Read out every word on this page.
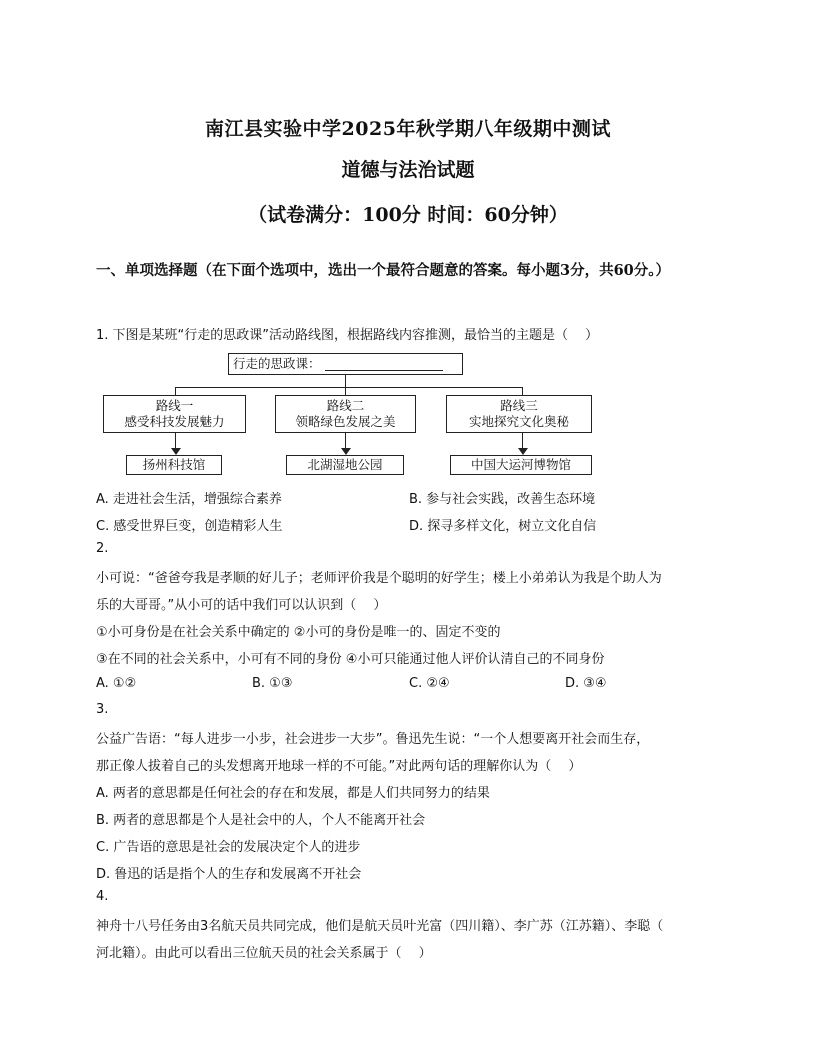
南江县实验中学2025年秋学期八年级期中测试
道德与法治试题
（试卷满分：100分 时间：60分钟）
一、单项选择题（在下面个选项中，选出一个最符合题意的答案。每小题3分，共60分。）
1. 下图是某班“行走的思政课”活动路线图，根据路线内容推测，最恰当的主题是（　 ）
行走的思政课：
路线一
感受科技发展魅力
路线二
领略绿色发展之美
路线三
实地探究文化奥秘
扬州科技馆	北湖湿地公园	中国大运河博物馆
A. 走进社会生活，增强综合素养	B. 参与社会实践，改善生态环境
C. 感受世界巨变，创造精彩人生	D. 探寻多样文化，树立文化自信
2.
小可说：“爸爸夸我是孝顺的好儿子；老师评价我是个聪明的好学生；楼上小弟弟认为我是个助人为
乐的大哥哥。”从小可的话中我们可以认识到（　 ）
①小可身份是在社会关系中确定的 ②小可的身份是唯一的、固定不变的
③在不同的社会关系中，小可有不同的身份 ④小可只能通过他人评价认清自己的不同身份
A. ①②	B. ①③	C. ②④	D. ③④
3.
公益广告语：“每人进步一小步，社会进步一大步”。鲁迅先生说：“一个人想要离开社会而生存，
那正像人拔着自己的头发想离开地球一样的不可能。”对此两句话的理解你认为（　 ）
A. 两者的意思都是任何社会的存在和发展，都是人们共同努力的结果
B. 两者的意思都是个人是社会中的人，个人不能离开社会
C. 广告语的意思是社会的发展决定个人的进步
D. 鲁迅的话是指个人的生存和发展离不开社会
4.
神舟十八号任务由3名航天员共同完成，他们是航天员叶光富（四川籍）、李广苏（江苏籍）、李聪（
河北籍）。由此可以看出三位航天员的社会关系属于（　 ）
